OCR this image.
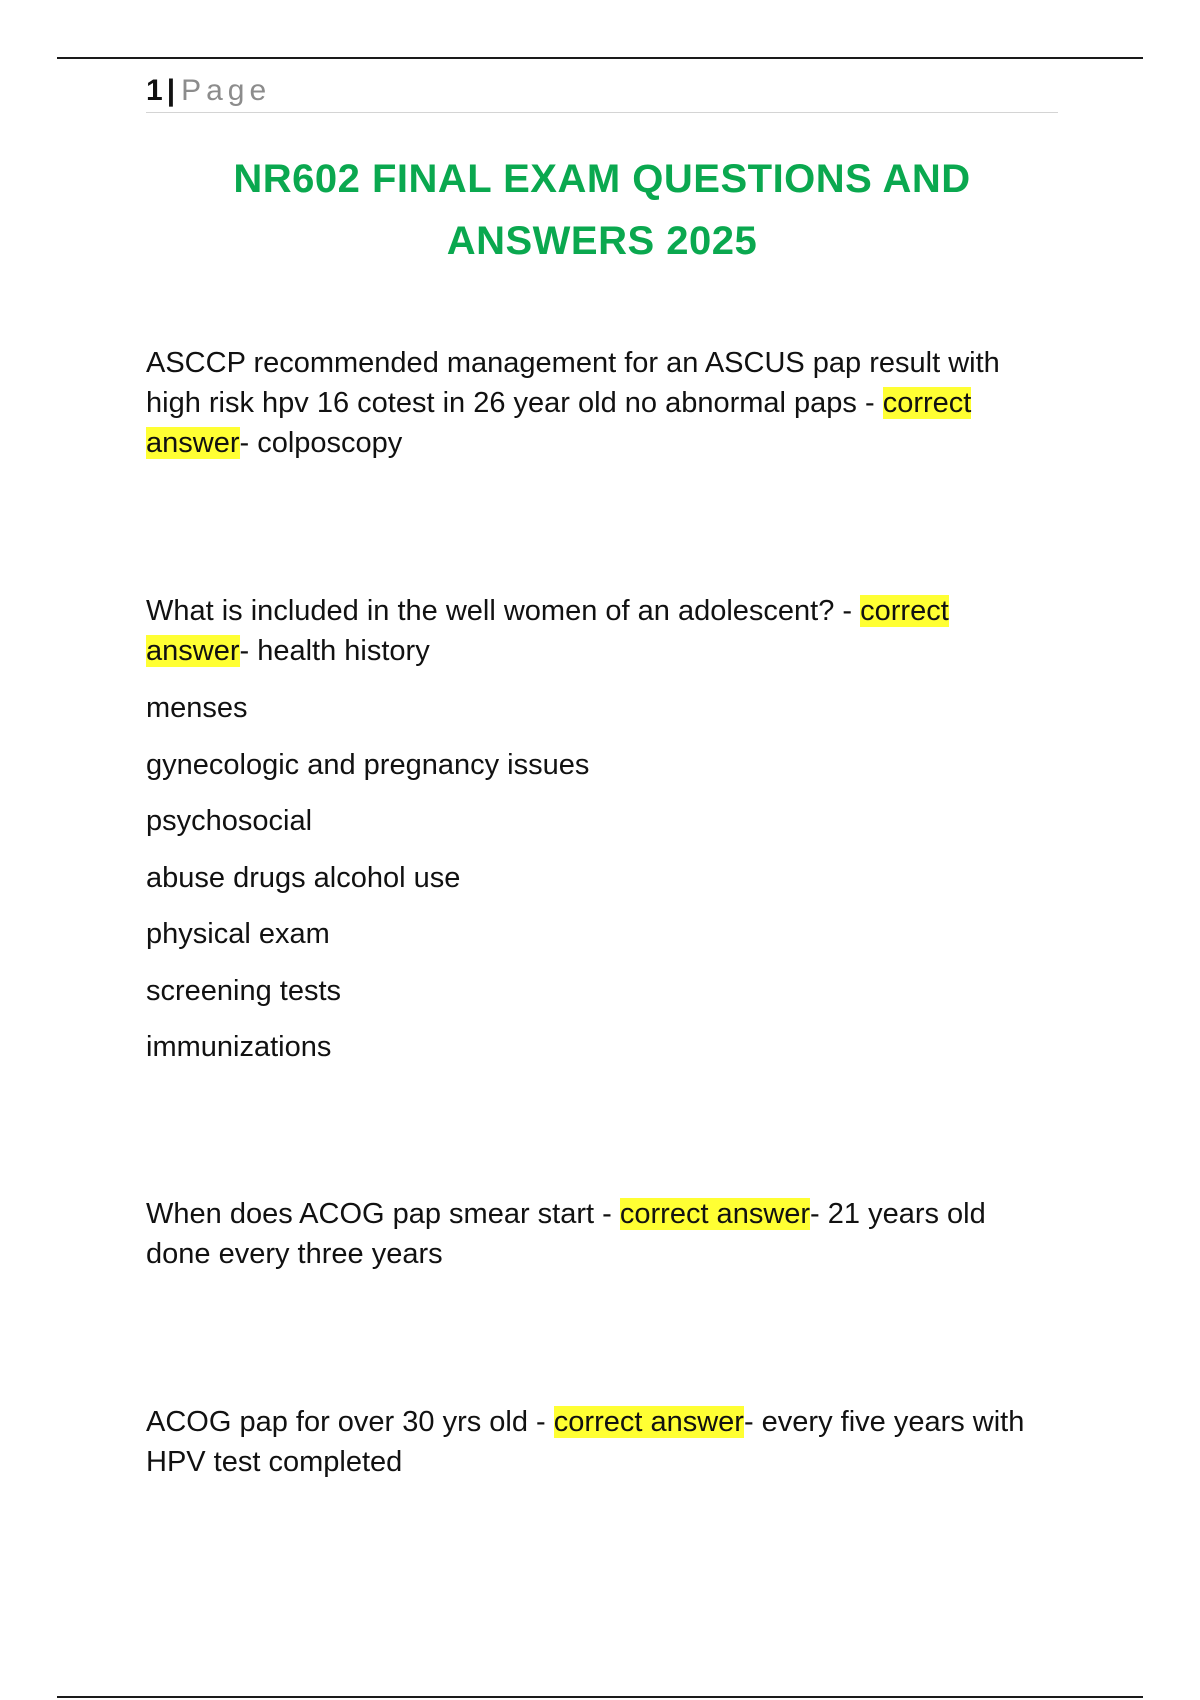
1 | Page
NR602 FINAL EXAM QUESTIONS AND ANSWERS 2025

ASCCP recommended management for an ASCUS pap result with high risk hpv 16 cotest in 26 year old no abnormal paps - correct answer- colposcopy

What is included in the well women of an adolescent? - correct answer- health history

menses
gynecologic and pregnancy issues
psychosocial
abuse drugs alcohol use
physical exam
screening tests
immunizations

When does ACOG pap smear start - correct answer- 21 years old done every three years

ACOG pap for over 30 yrs old - correct answer- every five years with HPV test completed
